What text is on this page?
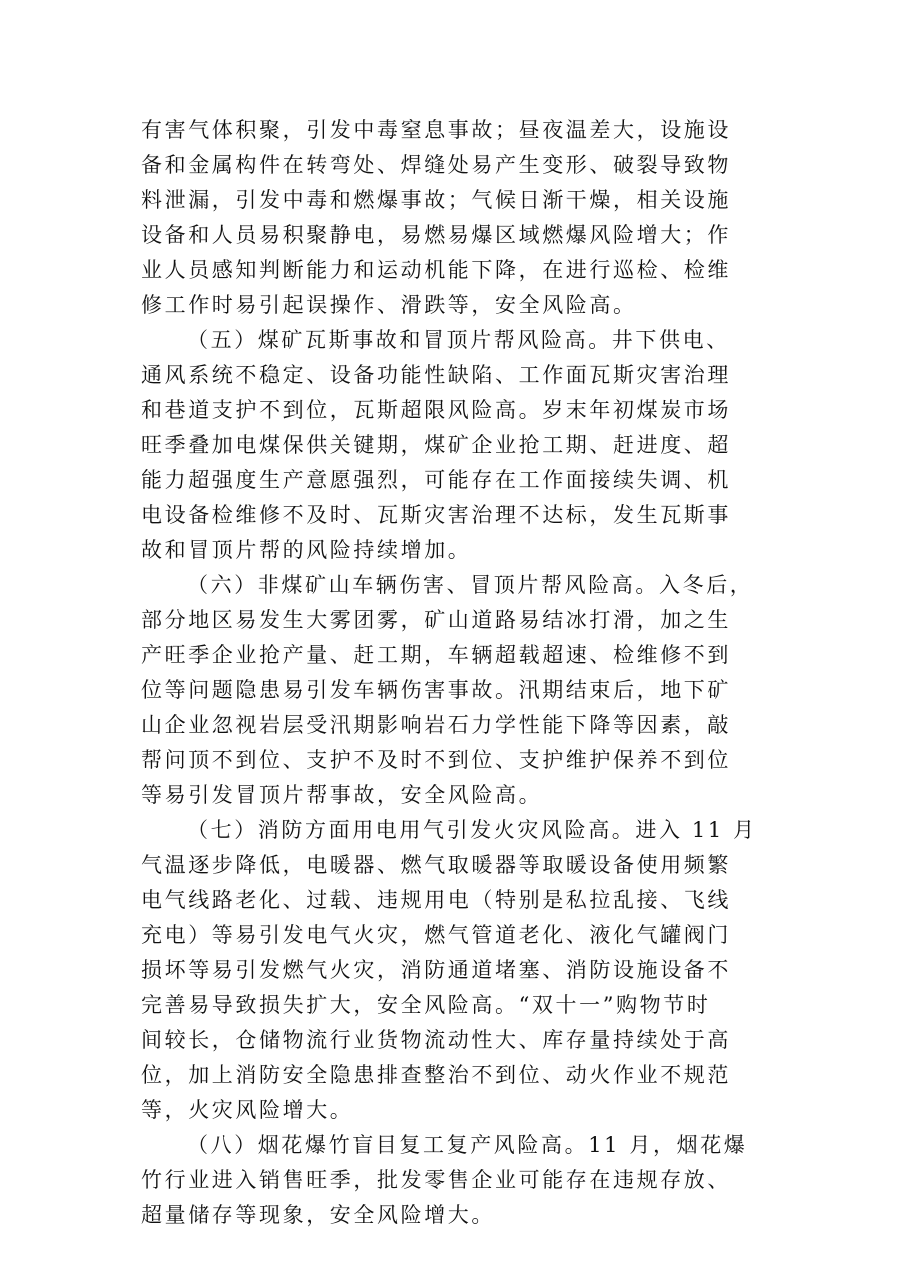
有害气体积聚，引发中毒窒息事故；昼夜温差大，设施设
备和金属构件在转弯处、焊缝处易产生变形、破裂导致物
料泄漏，引发中毒和燃爆事故；气候日渐干燥，相关设施
设备和人员易积聚静电，易燃易爆区域燃爆风险增大；作
业人员感知判断能力和运动机能下降，在进行巡检、检维
修工作时易引起误操作、滑跌等，安全风险高。
（五）煤矿瓦斯事故和冒顶片帮风险高。井下供电、
通风系统不稳定、设备功能性缺陷、工作面瓦斯灾害治理
和巷道支护不到位，瓦斯超限风险高。岁末年初煤炭市场
旺季叠加电煤保供关键期，煤矿企业抢工期、赶进度、超
能力超强度生产意愿强烈，可能存在工作面接续失调、机
电设备检维修不及时、瓦斯灾害治理不达标，发生瓦斯事
故和冒顶片帮的风险持续增加。
（六）非煤矿山车辆伤害、冒顶片帮风险高。入冬后，
部分地区易发生大雾团雾，矿山道路易结冰打滑，加之生
产旺季企业抢产量、赶工期，车辆超载超速、检维修不到
位等问题隐患易引发车辆伤害事故。汛期结束后，地下矿
山企业忽视岩层受汛期影响岩石力学性能下降等因素，敲
帮问顶不到位、支护不及时不到位、支护维护保养不到位
等易引发冒顶片帮事故，安全风险高。
（七）消防方面用电用气引发火灾风险高。进入 11 月
气温逐步降低，电暖器、燃气取暖器等取暖设备使用频繁
电气线路老化、过载、违规用电（特别是私拉乱接、飞线
充电）等易引发电气火灾，燃气管道老化、液化气罐阀门
损坏等易引发燃气火灾，消防通道堵塞、消防设施设备不
完善易导致损失扩大，安全风险高。“双十一”购物节时
间较长，仓储物流行业货物流动性大、库存量持续处于高
位，加上消防安全隐患排查整治不到位、动火作业不规范
等，火灾风险增大。
（八）烟花爆竹盲目复工复产风险高。11 月，烟花爆
竹行业进入销售旺季，批发零售企业可能存在违规存放、
超量储存等现象，安全风险增大。
